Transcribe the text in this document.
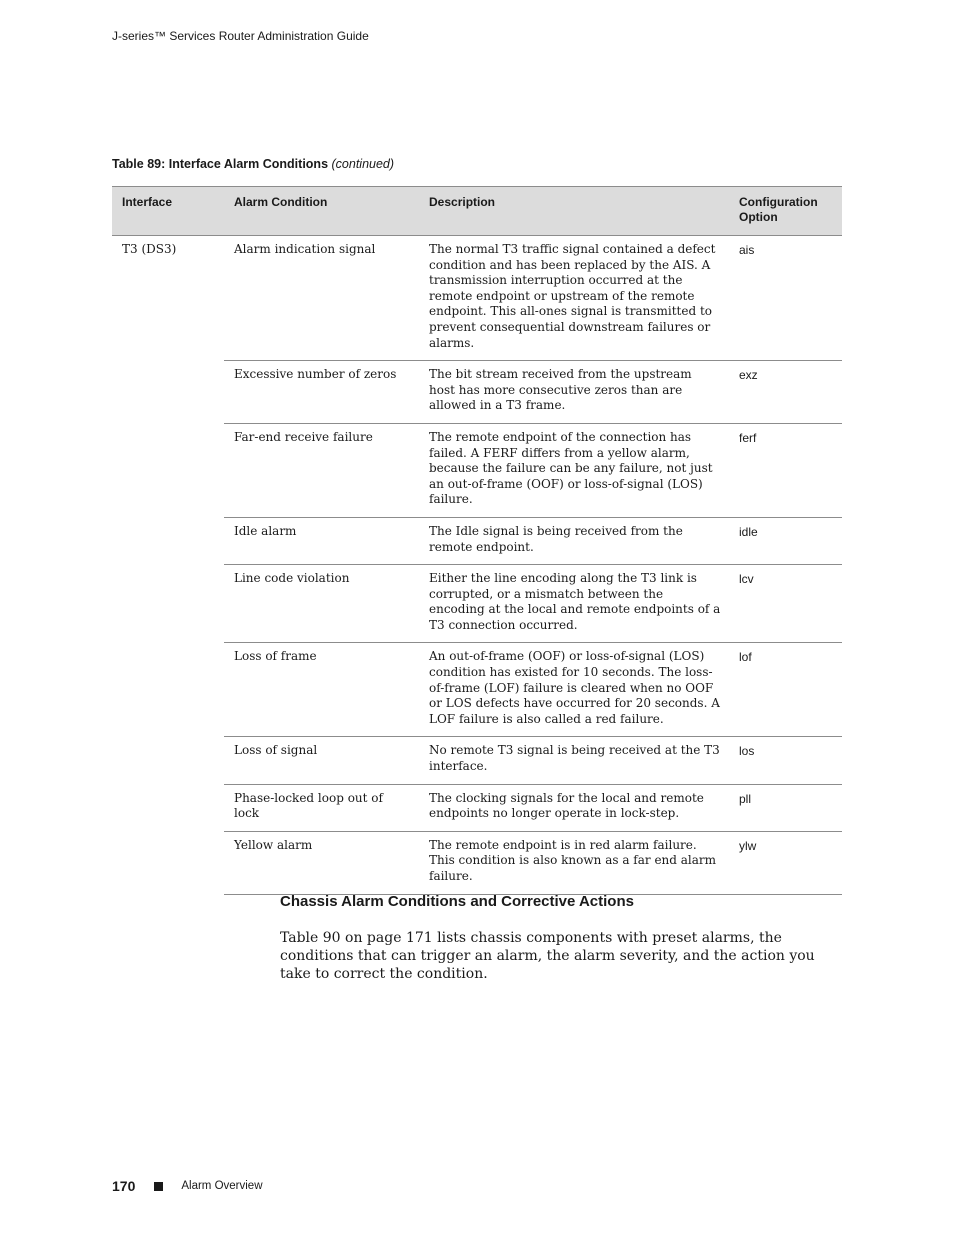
J-series™ Services Router Administration Guide
Table 89: Interface Alarm Conditions (continued)
Interface	Alarm Condition	Description	Configuration Option
T3 (DS3)	Alarm indication signal	The normal T3 traffic signal contained a defect condition and has been replaced by the AIS. A transmission interruption occurred at the remote endpoint or upstream of the remote endpoint. This all-ones signal is transmitted to prevent consequential downstream failures or alarms.	ais
	Excessive number of zeros	The bit stream received from the upstream host has more consecutive zeros than are allowed in a T3 frame.	exz
	Far-end receive failure	The remote endpoint of the connection has failed. A FERF differs from a yellow alarm, because the failure can be any failure, not just an out-of-frame (OOF) or loss-of-signal (LOS) failure.	ferf
	Idle alarm	The Idle signal is being received from the remote endpoint.	idle
	Line code violation	Either the line encoding along the T3 link is corrupted, or a mismatch between the encoding at the local and remote endpoints of a T3 connection occurred.	lcv
	Loss of frame	An out-of-frame (OOF) or loss-of-signal (LOS) condition has existed for 10 seconds. The loss-of-frame (LOF) failure is cleared when no OOF or LOS defects have occurred for 20 seconds. A LOF failure is also called a red failure.	lof
	Loss of signal	No remote T3 signal is being received at the T3 interface.	los
	Phase-locked loop out of lock	The clocking signals for the local and remote endpoints no longer operate in lock-step.	pll
	Yellow alarm	The remote endpoint is in red alarm failure. This condition is also known as a far end alarm failure.	ylw
Chassis Alarm Conditions and Corrective Actions

Table 90 on page 171 lists chassis components with preset alarms, the conditions that can trigger an alarm, the alarm severity, and the action you take to correct the condition.

170	Alarm Overview
